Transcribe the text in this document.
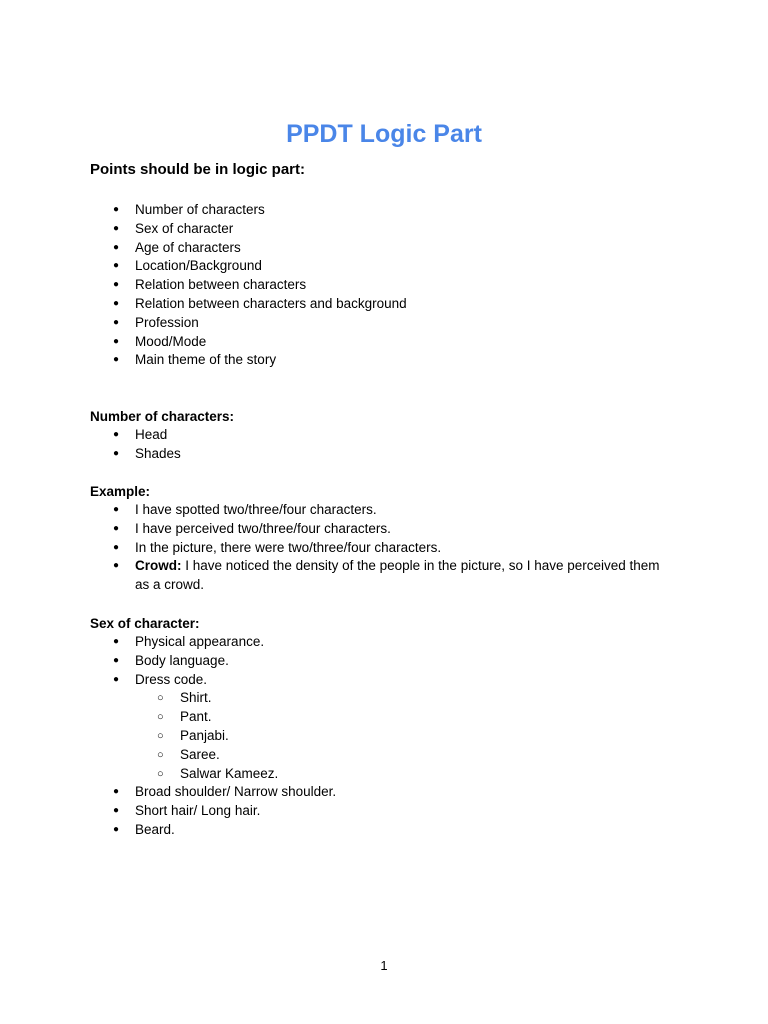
PPDT Logic Part
Points should be in logic part:
● Number of characters
● Sex of character
● Age of characters
● Location/Background
● Relation between characters
● Relation between characters and background
● Profession
● Mood/Mode
● Main theme of the story
Number of characters:
● Head
● Shades
Example:
● I have spotted two/three/four characters.
● I have perceived two/three/four characters.
● In the picture, there were two/three/four characters.
● Crowd: I have noticed the density of the people in the picture, so I have perceived them as a crowd.
Sex of character:
● Physical appearance.
● Body language.
● Dress code.
○ Shirt.
○ Pant.
○ Panjabi.
○ Saree.
○ Salwar Kameez.
● Broad shoulder/ Narrow shoulder.
● Short hair/ Long hair.
● Beard.
1
